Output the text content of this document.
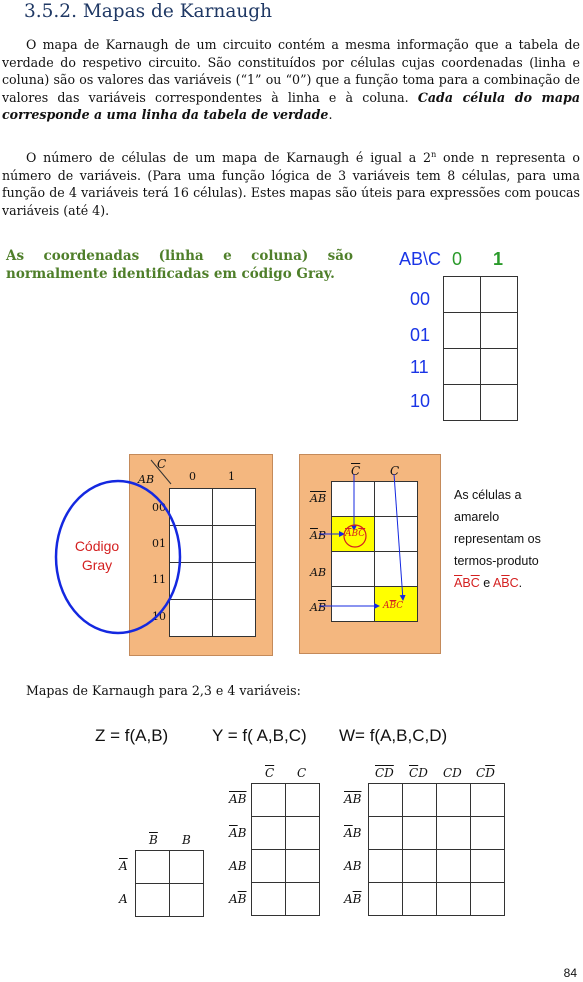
3.5.2. Mapas de Karnaugh

O mapa de Karnaugh de um circuito contém a mesma informação que a tabela de verdade do respetivo circuito. São constituídos por células cujas coordenadas (linha e coluna) são os valores das variáveis (“1” ou “0”) que a função toma para a combinação de valores das variáveis correspondentes à linha e à coluna. Cada célula do mapa corresponde a uma linha da tabela de verdade.

O número de células de um mapa de Karnaugh é igual a 2$^n$ onde n representa o número de variáveis. (Para uma função lógica de 3 variáveis tem 8 células, para uma função de 4 variáveis terá 16 células). Estes mapas são úteis para expressões com poucas variáveis (até 4).

As coordenadas (linha e coluna) são
normalmente identificadas em código Gray.
AB\C 0 1
00
01
11
10

C
AB	0	1
00
01
11
10

Código
Gray
$\overline{C}$ C
$\overline{AB}$
$\overline{A}B$
AB
$A\overline{B}$

$\overline{A}B\overline{C}$
$A\overline{B}C$
As células a
amarelo
representam os
termos-produto
$\overline{A}B\overline{C}$ e $A\overline{B}C$.
Mapas de Karnaugh para 2,3 e 4 variáveis:
Z = f(A,B)	Y = f( A,B,C) W= f(A,B,C,D)
$\overline{B}$ B
$\overline{A}$
A

$\overline{C}$ C
$\overline{AB}$
$\overline{A}B$
AB
$A\overline{B}$

$\overline{CD}$ $\overline{C}D$ CD $C\overline{D}$
$\overline{AB}$
$\overline{A}B$
AB
$A\overline{B}$

84
